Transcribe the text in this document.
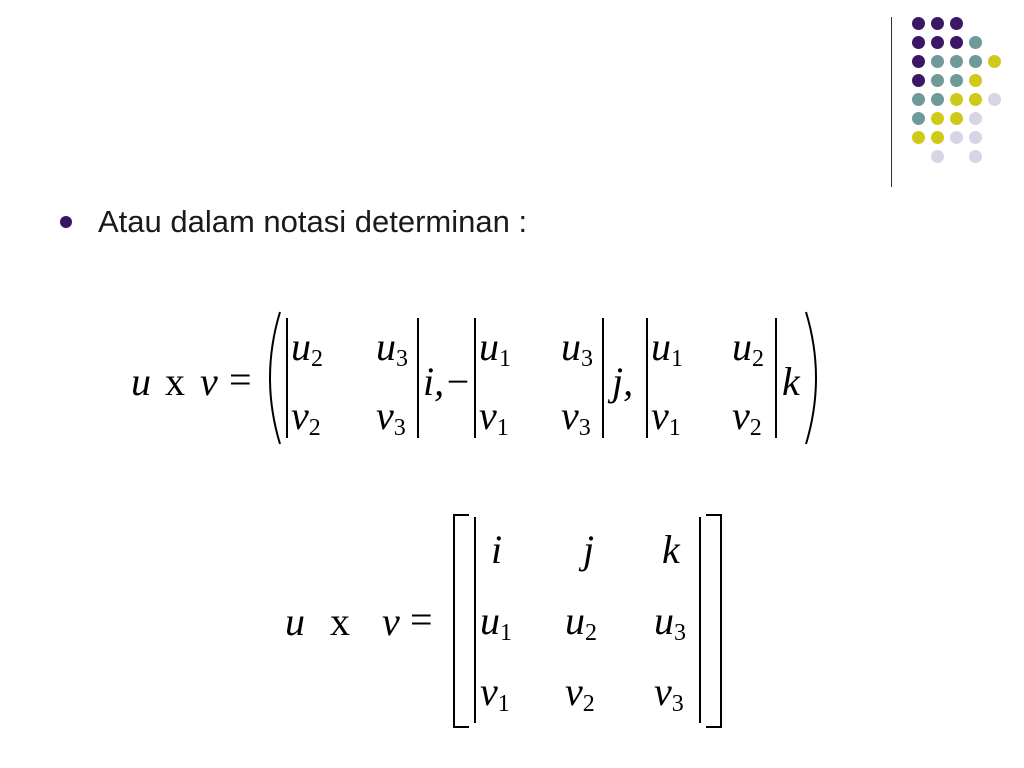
Atau dalam notasi determinan :
u x v =
$u_2$ $u_3$
$v_2$ $v_3$
i,−
$u_1$ $u_3$
$v_1$ $v_3$
j,
$u_1$ $u_2$
$v_1$ $v_2$
k
u x v =
i j k
$u_1$ $u_2$ $u_3$
$v_1$ $v_2$ $v_3$
